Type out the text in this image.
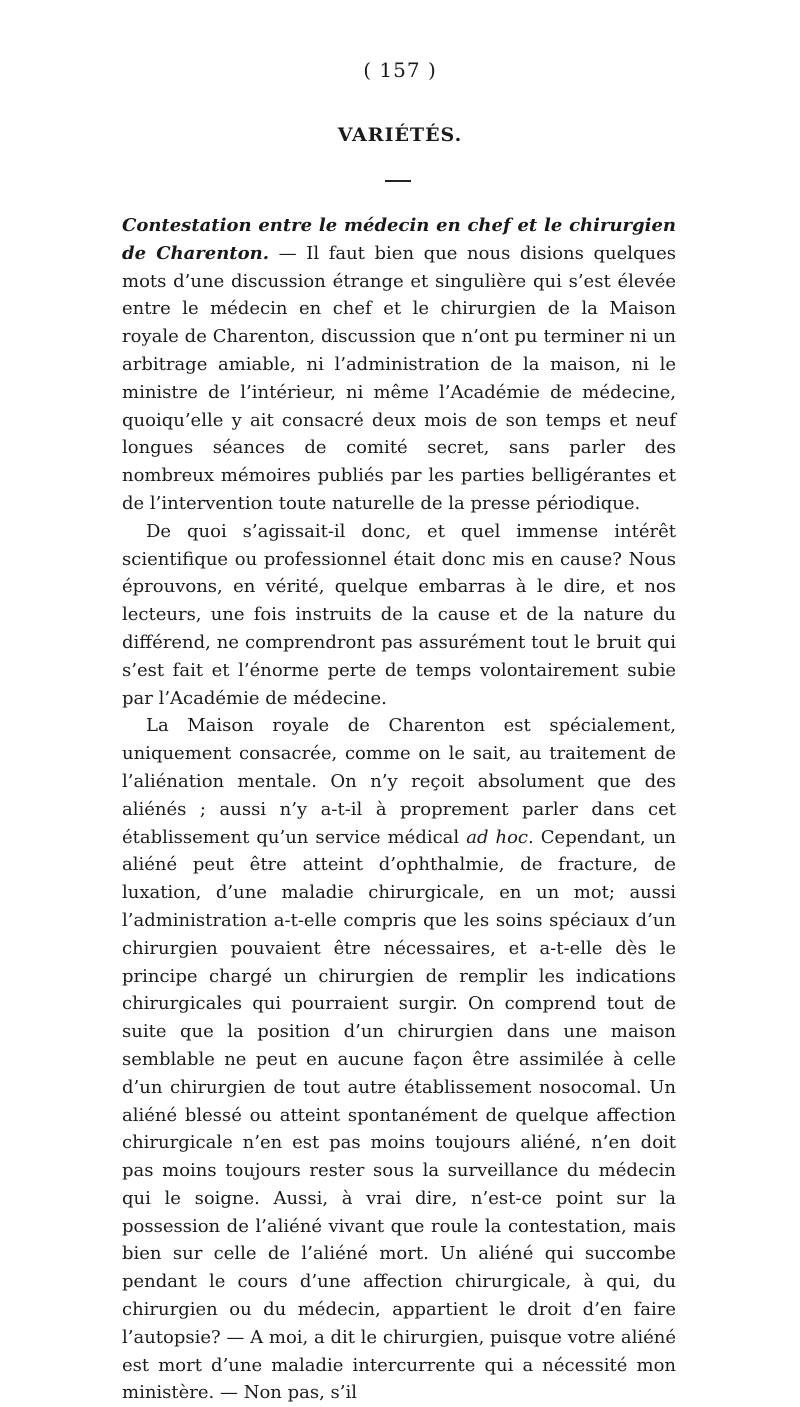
( 157 )
VARIÉTÉS.

Contestation entre le médecin en chef et le chirurgien de Charenton. — Il faut bien que nous disions quelques mots d’une discussion étrange et singulière qui s’est élevée entre le médecin en chef et le chirurgien de la Maison royale de Charenton, discussion que n’ont pu terminer ni un arbitrage amiable, ni l’administration de la maison, ni le ministre de l’intérieur, ni même l’Académie de médecine, quoiqu’elle y ait consacré deux mois de son temps et neuf longues séances de comité secret, sans parler des nombreux mémoires publiés par les parties belligérantes et de l’intervention toute naturelle de la presse périodique.

De quoi s’agissait-il donc, et quel immense intérêt scientifique ou professionnel était donc mis en cause? Nous éprouvons, en vérité, quelque embarras à le dire, et nos lecteurs, une fois instruits de la cause et de la nature du différend, ne comprendront pas assurément tout le bruit qui s’est fait et l’énorme perte de temps volontairement subie par l’Académie de médecine.

La Maison royale de Charenton est spécialement, uniquement consacrée, comme on le sait, au traitement de l’aliénation mentale. On n’y reçoit absolument que des aliénés ; aussi n’y a-t-il à proprement parler dans cet établissement qu’un service médical ad hoc. Cependant, un aliéné peut être atteint d’ophthalmie, de fracture, de luxation, d’une maladie chirurgicale, en un mot; aussi l’administration a-t-elle compris que les soins spéciaux d’un chirurgien pouvaient être nécessaires, et a-t-elle dès le principe chargé un chirurgien de remplir les indications chirurgicales qui pourraient surgir. On comprend tout de suite que la position d’un chirurgien dans une maison semblable ne peut en aucune façon être assimilée à celle d’un chirurgien de tout autre établissement nosocomal. Un aliéné blessé ou atteint spontanément de quelque affection chirurgicale n’en est pas moins toujours aliéné, n’en doit pas moins toujours rester sous la surveillance du médecin qui le soigne. Aussi, à vrai dire, n’est-ce point sur la possession de l’aliéné vivant que roule la contestation, mais bien sur celle de l’aliéné mort. Un aliéné qui succombe pendant le cours d’une affection chirurgicale, à qui, du chirurgien ou du médecin, appartient le droit d’en faire l’autopsie? — A moi, a dit le chirurgien, puisque votre aliéné est mort d’une maladie intercurrente qui a nécessité mon ministère. — Non pas, s’il
